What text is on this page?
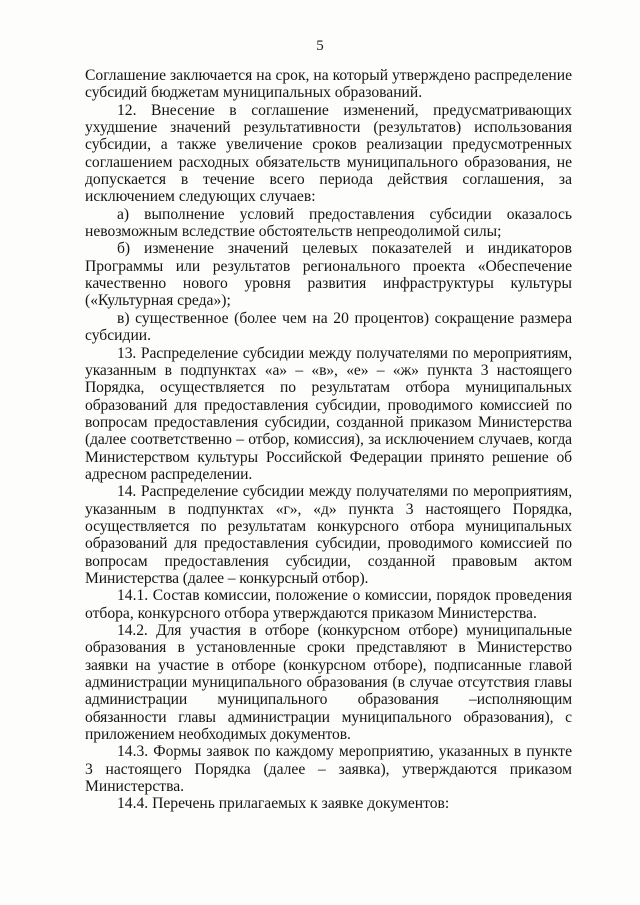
5

Соглашение заключается на срок, на который утверждено распределение субсидий бюджетам муниципальных образований.

12. Внесение в соглашение изменений, предусматривающих ухудшение значений результативности (результатов) использования субсидии, а также увеличение сроков реализации предусмотренных соглашением расходных обязательств муниципального образования, не допускается в течение всего периода действия соглашения, за исключением следующих случаев:

а) выполнение условий предоставления субсидии оказалось невозможным вследствие обстоятельств непреодолимой силы;

б) изменение значений целевых показателей и индикаторов Программы или результатов регионального проекта «Обеспечение качественно нового уровня развития инфраструктуры культуры («Культурная среда»);

в) существенное (более чем на 20 процентов) сокращение размера субсидии.

13. Распределение субсидии между получателями по мероприятиям, указанным в подпунктах «а» – «в», «е» – «ж» пункта 3 настоящего Порядка, осуществляется по результатам отбора муниципальных образований для предоставления субсидии, проводимого комиссией по вопросам предоставления субсидии, созданной приказом Министерства (далее соответственно – отбор, комиссия), за исключением случаев, когда Министерством культуры Российской Федерации принято решение об адресном распределении.

14. Распределение субсидии между получателями по мероприятиям, указанным в подпунктах «г», «д» пункта 3 настоящего Порядка, осуществляется по результатам конкурсного отбора муниципальных образований для предоставления субсидии, проводимого комиссией по вопросам предоставления субсидии, созданной правовым актом Министерства (далее – конкурсный отбор).

14.1. Состав комиссии, положение о комиссии, порядок проведения отбора, конкурсного отбора утверждаются приказом Министерства.

14.2. Для участия в отборе (конкурсном отборе) муниципальные образования в установленные сроки представляют в Министерство заявки на участие в отборе (конкурсном отборе), подписанные главой администрации муниципального образования (в случае отсутствия главы администрации муниципального образования –исполняющим обязанности главы администрации муниципального образования), с приложением необходимых документов.

14.3. Формы заявок по каждому мероприятию, указанных в пункте 3 настоящего Порядка (далее – заявка), утверждаются приказом Министерства.

14.4. Перечень прилагаемых к заявке документов:
